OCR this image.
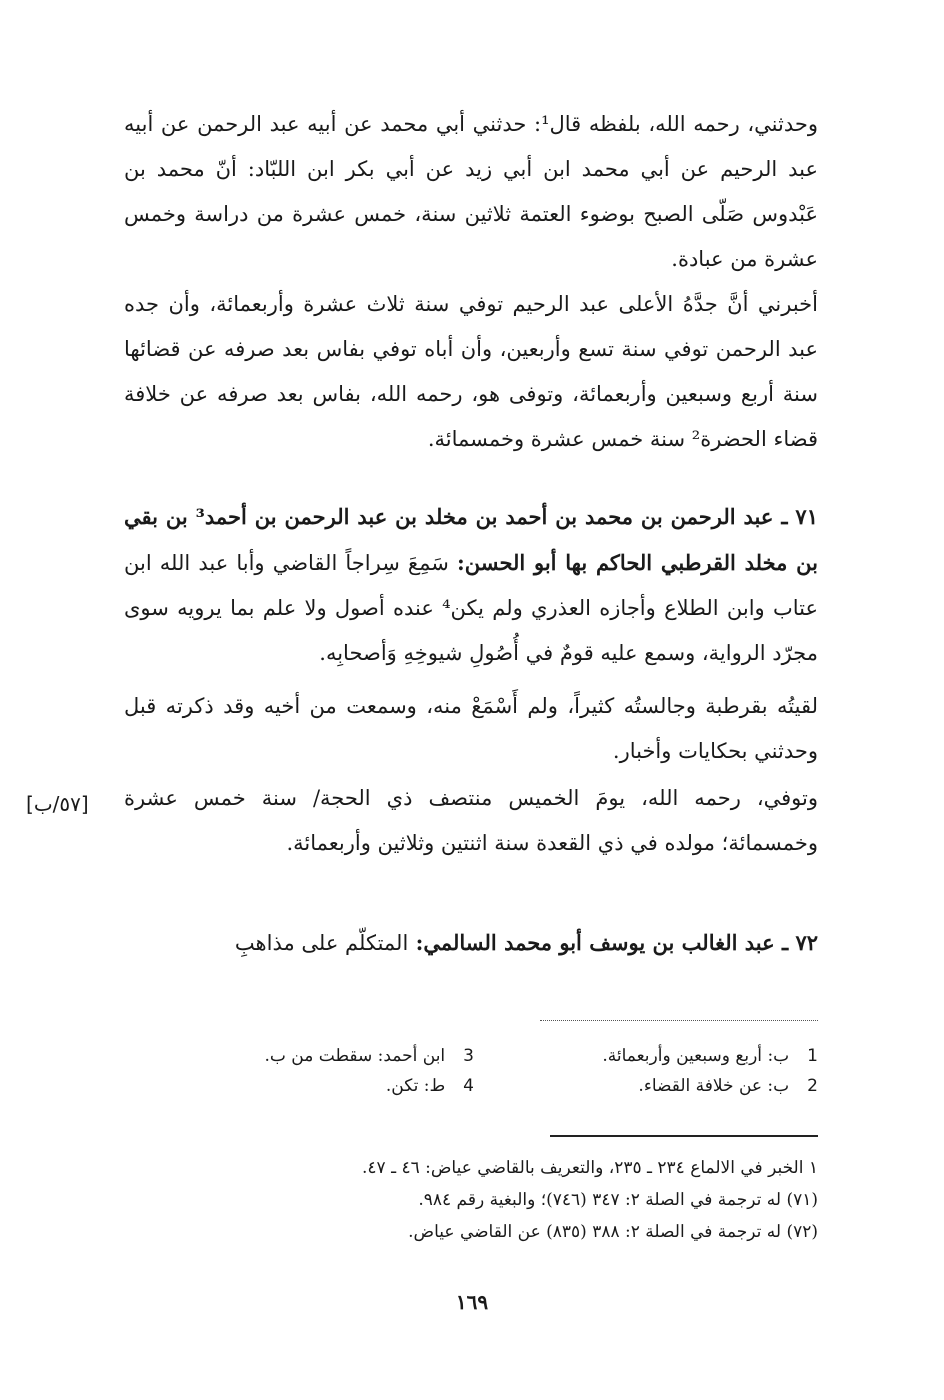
وحدثني، رحمه الله، بلفظه قال¹: حدثني أبي محمد عن أبيه عبد الرحمن عن أبيه عبد الرحيم عن أبي محمد ابن أبي زيد عن أبي بكر ابن اللبّاد: أنّ محمد بن عَبْدوس صَلّى الصبح بوضوء العتمة ثلاثين سنة، خمس عشرة من دراسة وخمس عشرة من عبادة.

أخبرني أنَّ جدَّهُ الأعلى عبد الرحيم توفي سنة ثلاث عشرة وأربعمائة، وأن جده عبد الرحمن توفي سنة تسع وأربعين، وأن أباه توفي بفاس بعد صرفه عن قضائها سنة أربع وسبعين وأربعمائة، وتوفى هو، رحمه الله، بفاس بعد صرفه عن خلافة قضاء الحضرة² سنة خمس عشرة وخمسمائة.

٧١ ـ عبد الرحمن بن محمد بن أحمد بن مخلد بن عبد الرحمن بن أحمد³ بن بقي بن مخلد القرطبي الحاكم بها أبو الحسن: سَمِعَ سِراجاً القاضي وأبا عبد الله ابن عتاب وابن الطلاع وأجازه العذري ولم يكن⁴ عنده أصول ولا علم بما يرويه سوى مجرّد الرواية، وسمع عليه قومٌ في أُصُولِ شيوخِهِ وَأصحابِه.

لقيتُه بقرطبة وجالستُه كثيراً، ولم أَسْمَعْ منه، وسمعت من أخيه وقد ذكرته قبل وحدثني بحكايات وأخبار.

وتوفي، رحمه الله، يومَ الخميس منتصف ذي الحجة/ سنة خمس عشرة وخمسمائة؛ مولده في ذي القعدة سنة اثنتين وثلاثين وأربعمائة.

[٥٧/ب]

٧٢ ـ عبد الغالب بن يوسف أبو محمد السالمي: المتكلّم على مذاهبِ

1
ب: أربع وسبعين وأربعمائة.
2
ب: عن خلافة القضاء.
3
ابن أحمد: سقطت من ب.
4
ط: تكن.
١ الخبر في الالماع ٢٣٤ ـ ٢٣٥، والتعريف بالقاضي عياض: ٤٦ ـ ٤٧.
(٧١) له ترجمة في الصلة ٢: ٣٤٧ (٧٤٦)؛ والبغية رقم ٩٨٤.
(٧٢) له ترجمة في الصلة ٢: ٣٨٨ (٨٣٥) عن القاضي عياض.
١٦٩
